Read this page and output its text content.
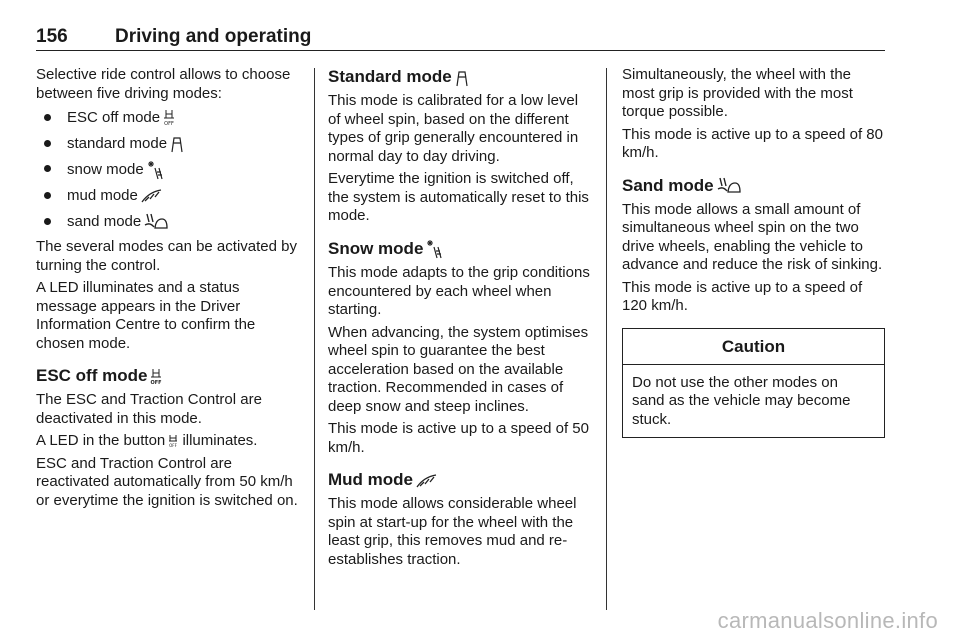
156 Driving and operating

Selective ride control allows to choose between five driving modes:

ESC off mode OFF
standard mode
snow mode
mud mode
sand mode

The several modes can be activated by turning the control.

A LED illuminates and a status message appears in the Driver Information Centre to confirm the chosen mode.

ESC off mode OFF

The ESC and Traction Control are deactivated in this mode.

A LED in the button OFF illuminates.

ESC and Traction Control are reactivated automatically from 50 km/h or everytime the ignition is switched on.

Standard mode

This mode is calibrated for a low level of wheel spin, based on the different types of grip generally encountered in normal day to day driving.

Everytime the ignition is switched off, the system is automatically reset to this mode.

Snow mode

This mode adapts to the grip conditions encountered by each wheel when starting.

When advancing, the system optimises wheel spin to guarantee the best acceleration based on the available traction. Recommended in cases of deep snow and steep inclines.

This mode is active up to a speed of 50 km/h.

Mud mode

This mode allows considerable wheel spin at start-up for the wheel with the least grip, this removes mud and re-establishes traction.

Simultaneously, the wheel with the most grip is provided with the most torque possible.

This mode is active up to a speed of 80 km/h.

Sand mode

This mode allows a small amount of simultaneous wheel spin on the two drive wheels, enabling the vehicle to advance and reduce the risk of sinking.

This mode is active up to a speed of 120 km/h.

Caution
Do not use the other modes on sand as the vehicle may become stuck.
carmanualsonline.info
